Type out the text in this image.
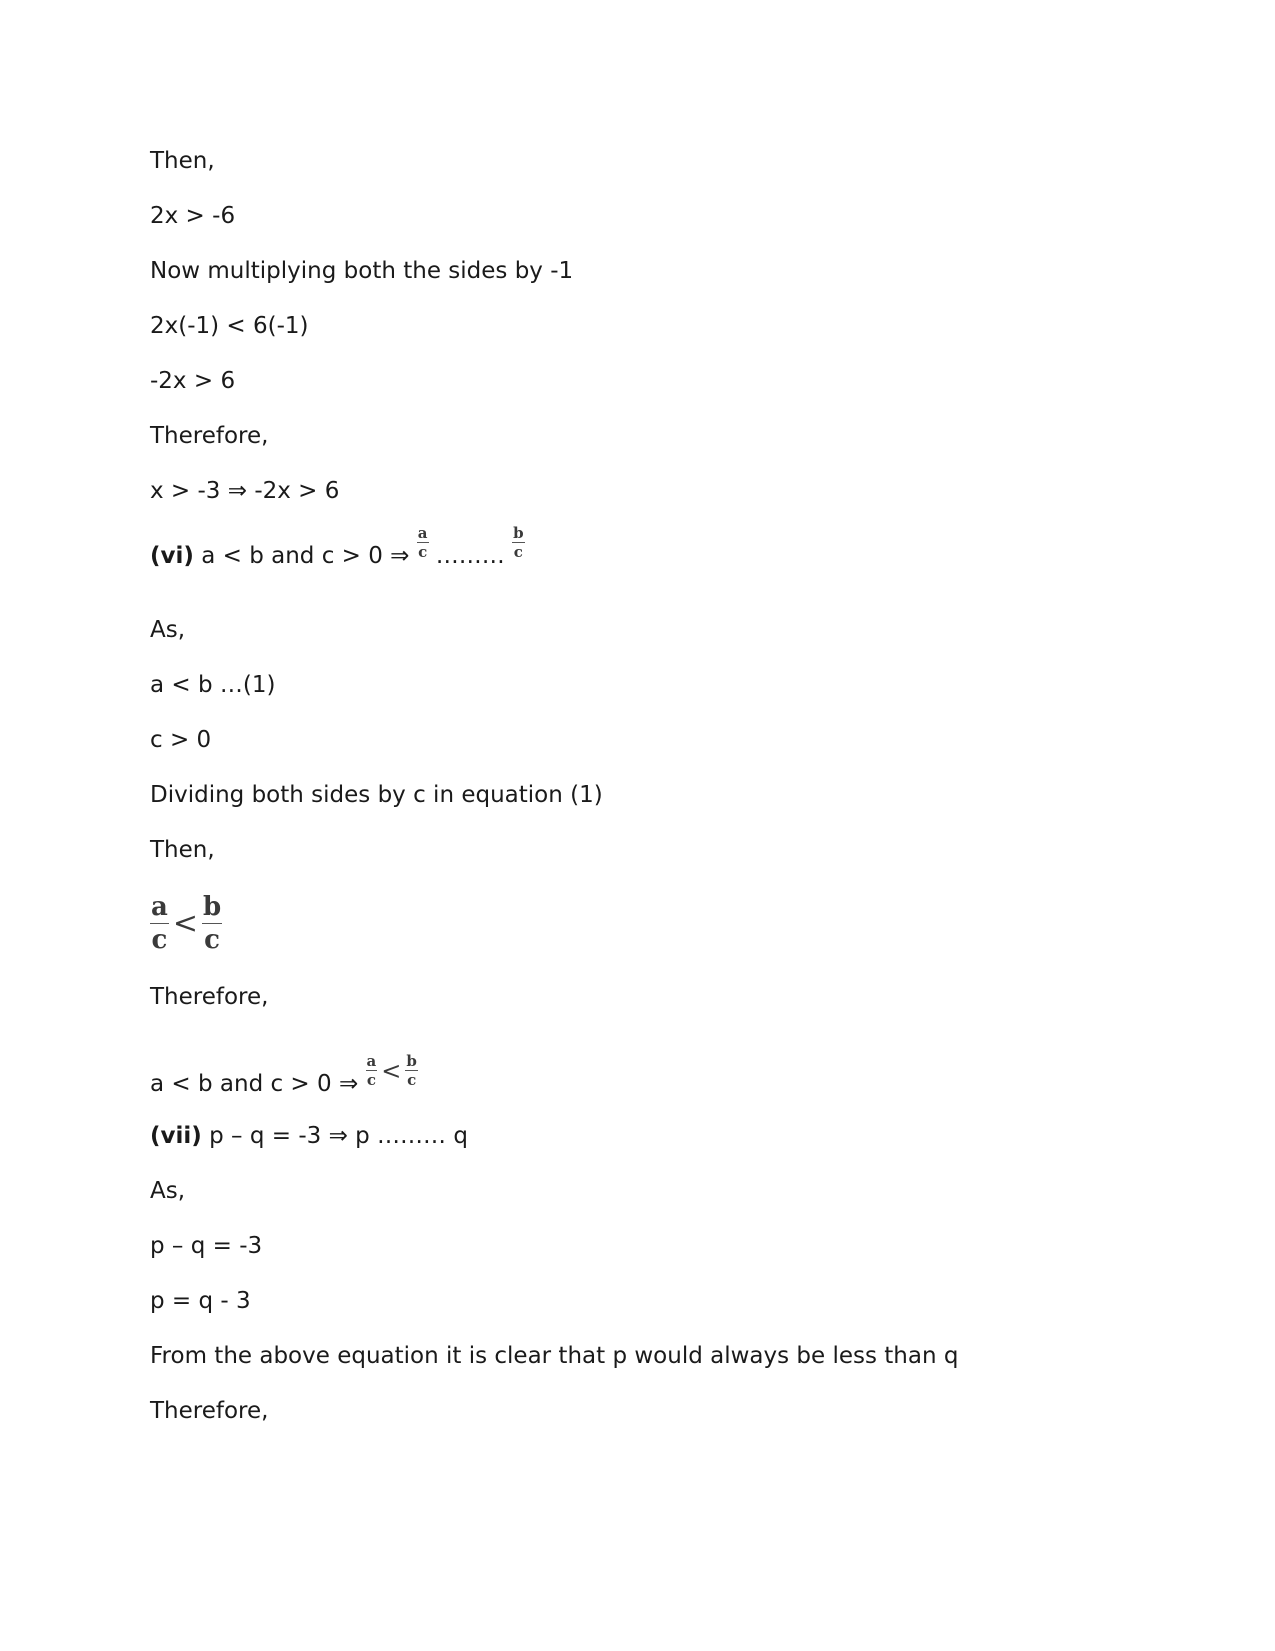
Then,
2x > -6
Now multiplying both the sides by -1
2x(-1) < 6(-1)
-2x > 6
Therefore,
x > -3 ⇒ -2x > 6
(vi) a < b and c > 0 ⇒ $\frac{a}{c}$ ……… $\frac{b}{c}$
As,
a < b …(1)
c > 0
Dividing both sides by c in equation (1)
Then,
$\frac{a}{c} < \frac{b}{c}$
Therefore,
a < b and c > 0 ⇒ $\frac{a}{c} < \frac{b}{c}$
(vii) p – q = -3 ⇒ p ……… q
As,
p – q = -3
p = q - 3
From the above equation it is clear that p would always be less than q
Therefore,
